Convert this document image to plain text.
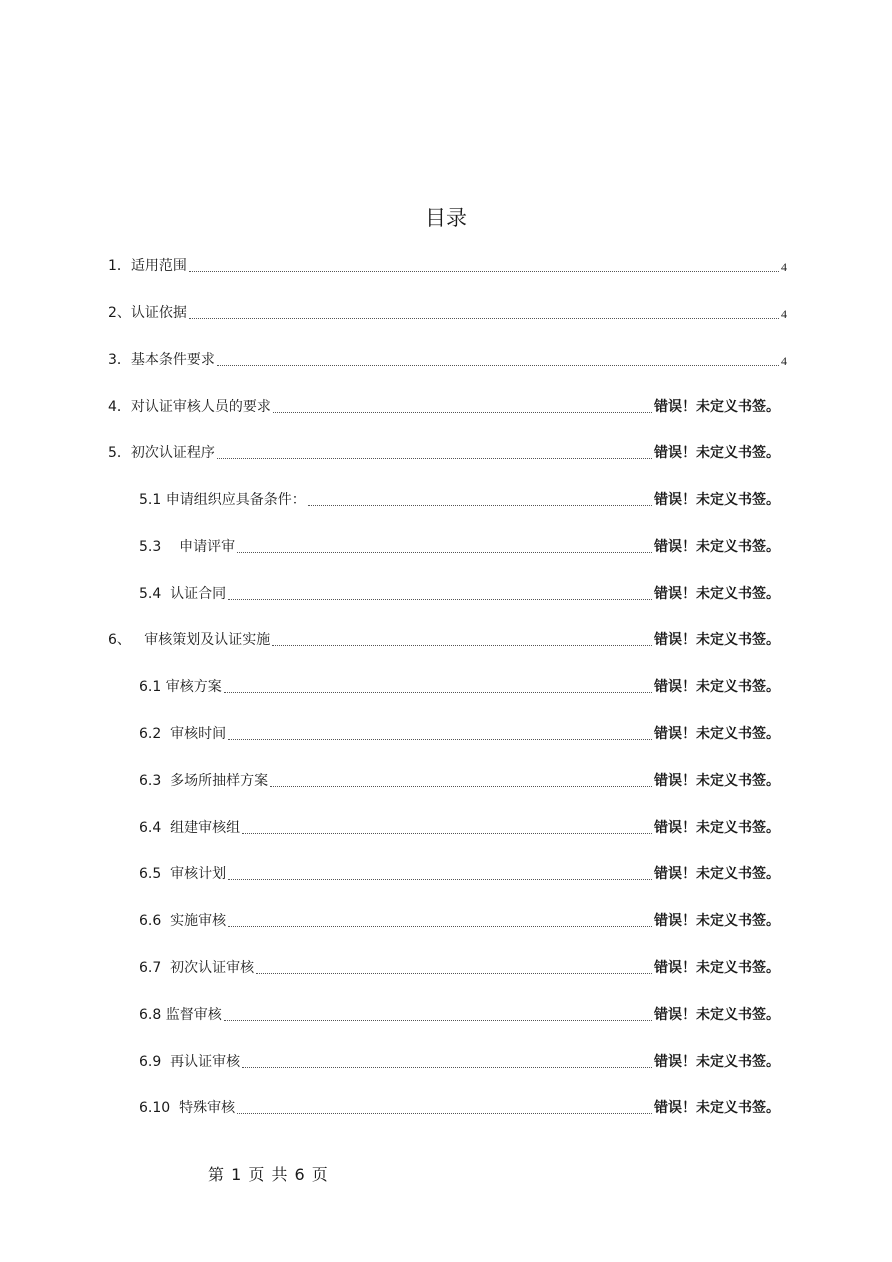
目录
1．适用范围	4
2、认证依据	4
3．基本条件要求	4
4．对认证审核人员的要求	错误！未定义书签。
5．初次认证程序	错误！未定义书签。
5.1 申请组织应具备条件：	错误！未定义书签。
5.3    申请评审	错误！未定义书签。
5.4  认证合同	错误！未定义书签。
6、   审核策划及认证实施	错误！未定义书签。
6.1 审核方案	错误！未定义书签。
6.2  审核时间	错误！未定义书签。
6.3  多场所抽样方案	错误！未定义书签。
6.4  组建审核组	错误！未定义书签。
6.5  审核计划	错误！未定义书签。
6.6  实施审核	错误！未定义书签。
6.7  初次认证审核	错误！未定义书签。
6.8 监督审核	错误！未定义书签。
6.9  再认证审核	错误！未定义书签。
6.10  特殊审核	错误！未定义书签。
第 1 页 共 6 页
